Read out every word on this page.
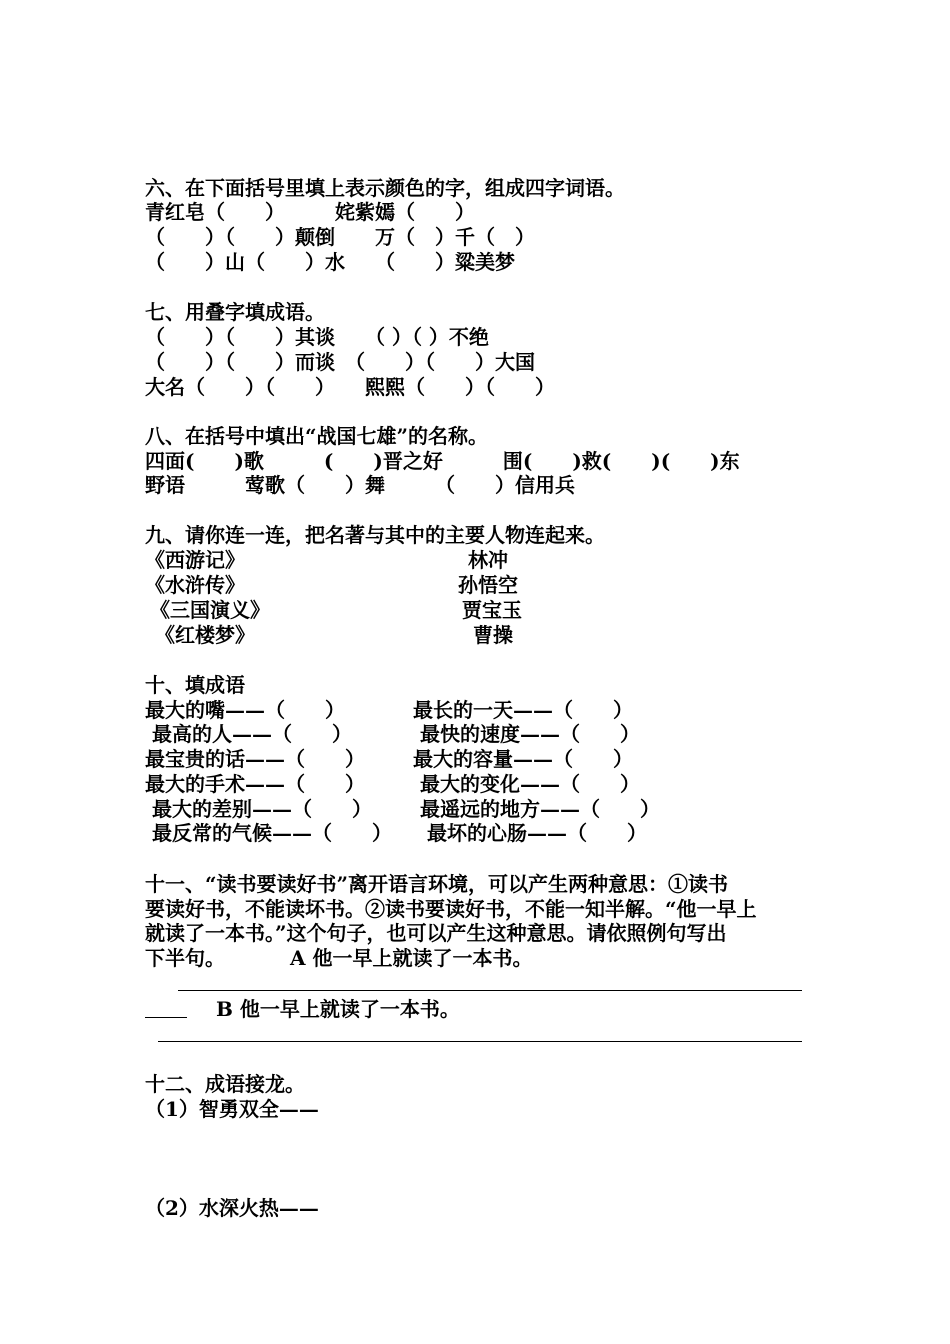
六、在下面括号里填上表示颜色的字，组成四字词语。

青红皂（　　）　　　姹紫嫣（　　）

（　　）（　　）颠倒　　万（　）千（　）

（　　）山（　　）水　　（　　）粱美梦

七、用叠字填成语。

（　　）（　　）其谈　　（ ）（ ）不绝

（　　）（　　）而谈　（　　）（　　）大国

大名（　　）（　　）　　熙熙（　　）（　　）

八、在括号中填出“战国七雄”的名称。

四面(　　)歌　　　(　　)晋之好　　　围(　　)救(　　)(　　)东

野语　　　莺歌（　　）舞　　　（　　）信用兵

九、请你连一连，把名著与其中的主要人物连起来。

《西游记》

《水浒传》

《三国演义》

《红楼梦》

林冲

孙悟空

贾宝玉

曹操

十、填成语

最大的嘴——（　　）

最高的人——（　　）

最宝贵的话——（　　）

最大的手术——（　　）

最大的差别——（　　）

最反常的气候——（　　）

最长的一天——（　　）

最快的速度——（　　）

最大的容量——（　　）

最大的变化——（　　）

最遥远的地方——（　　）

最坏的心肠——（　　）

十一、“读书要读好书”离开语言环境，可以产生两种意思：①读书

要读好书，不能读坏书。②读书要读好书，不能一知半解。“他一早上

就读了一本书。”这个句子，也可以产生这种意思。请依照例句写出

下半句。	A 他一早上就读了一本书。

B 他一早上就读了一本书。

十二、成语接龙。

（1）智勇双全——

（2）水深火热——
